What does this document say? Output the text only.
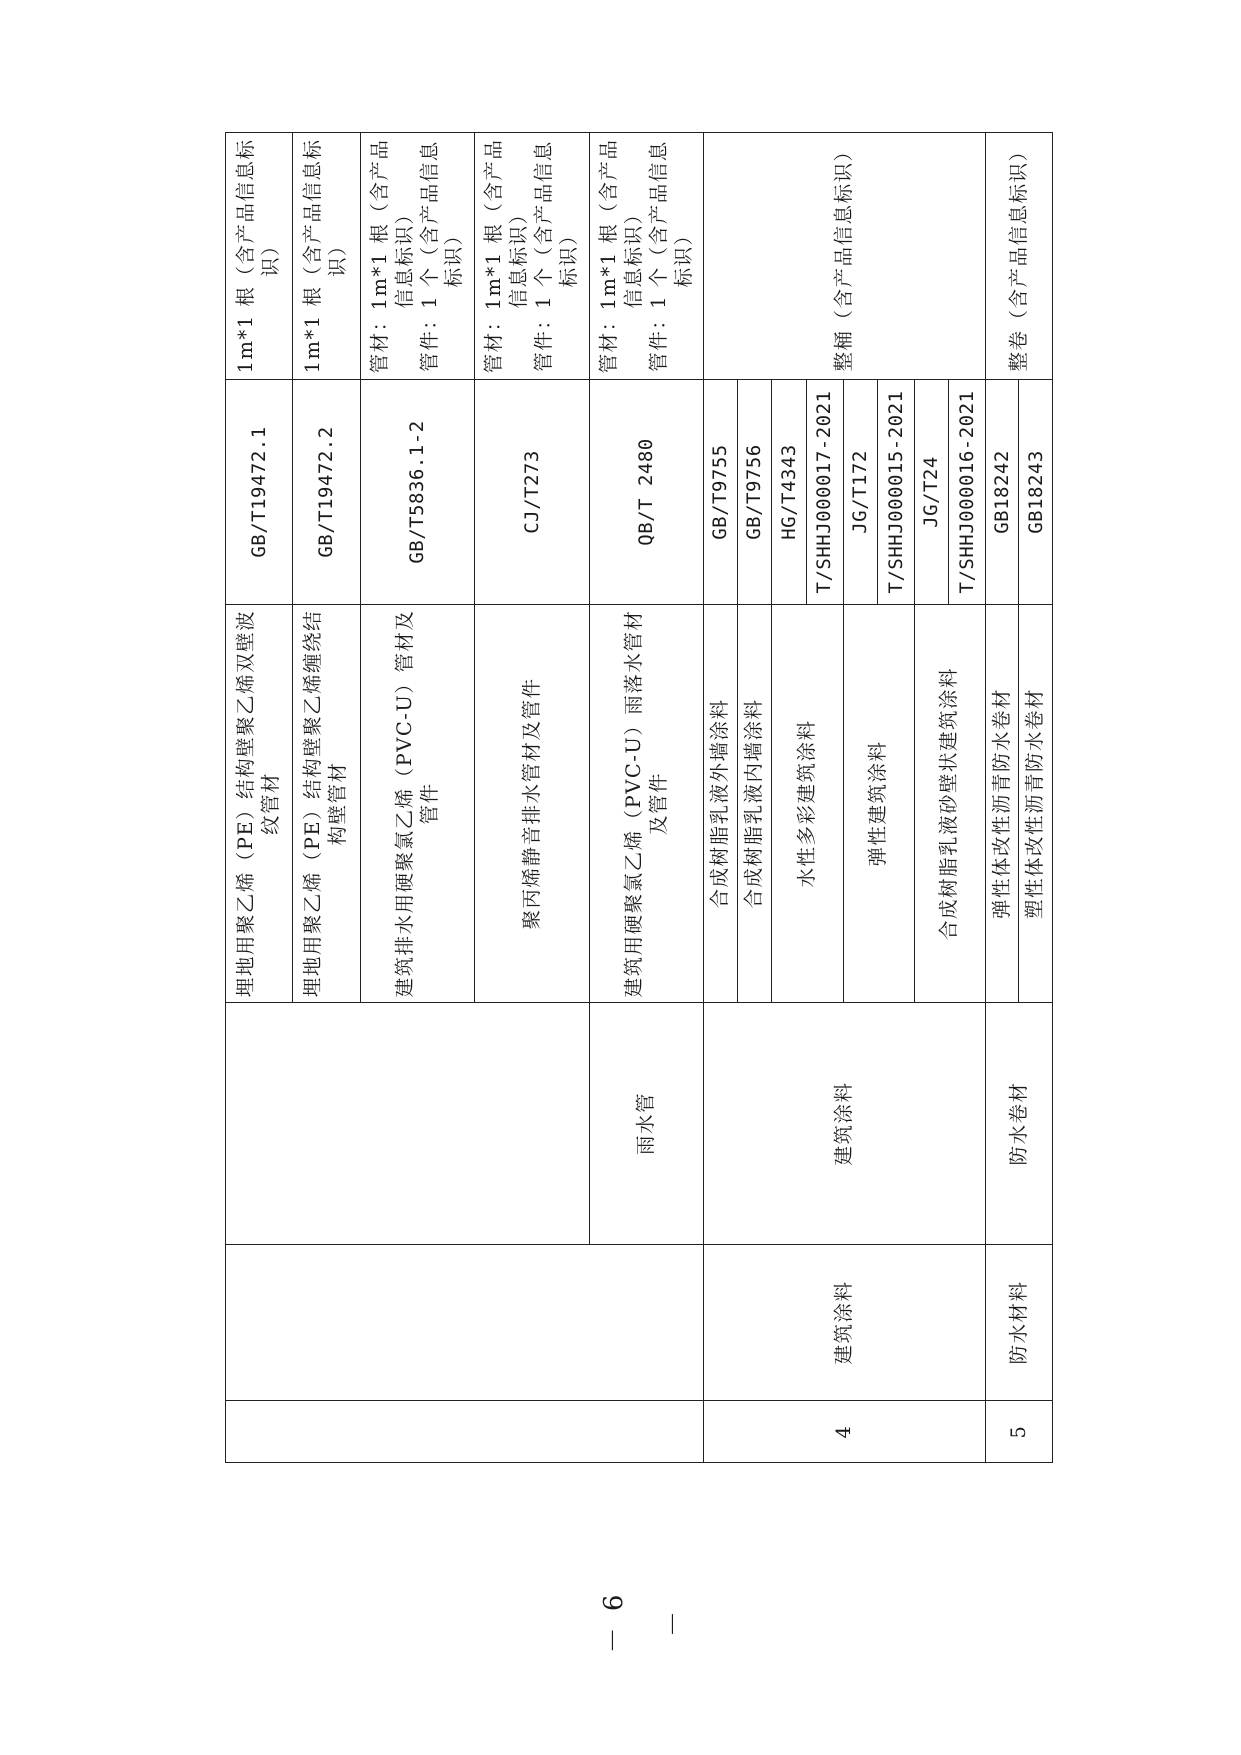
			埋地用聚乙烯（PE）结构壁聚乙烯双壁波纹管材	GB/T19472.1	1m*1 根（含产品信息标识）
			埋地用聚乙烯（PE）结构壁聚乙烯缠绕结构壁管材	GB/T19472.2	1m*1 根（含产品信息标识）
			建筑排水用硬聚氯乙烯（PVC-U）管材及管件	GB/T5836.1-2	管材：1m*1 根（含产品信息标识） 管件：1 个（含产品信息标识）

			聚丙烯静音排水管材及管件	CJ/T273	管材：1m*1 根（含产品信息标识） 管件：1 个（含产品信息标识）

		雨水管	建筑用硬聚氯乙烯（PVC-U）雨落水管材及管件	QB/T 2480	管材：1m*1 根（含产品信息标识） 管件：1 个（含产品信息标识）

4	建筑涂料	建筑涂料	合成树脂乳液外墙涂料	GB/T9755	整桶（含产品信息标识）
			合成树脂乳液内墙涂料	GB/T9756	
			水性多彩建筑涂料	HG/T4343	
				T/SHHJ000017-2021	
			弹性建筑涂料	JG/T172	
				T/SHHJ000015-2021	
			合成树脂乳液砂壁状建筑涂料	JG/T24	
				T/SHHJ000016-2021	
5	防水材料	防水卷材	弹性体改性沥青防水卷材	GB18242	整卷（含产品信息标识）
			塑性体改性沥青防水卷材	GB18243	
－ 6 －
